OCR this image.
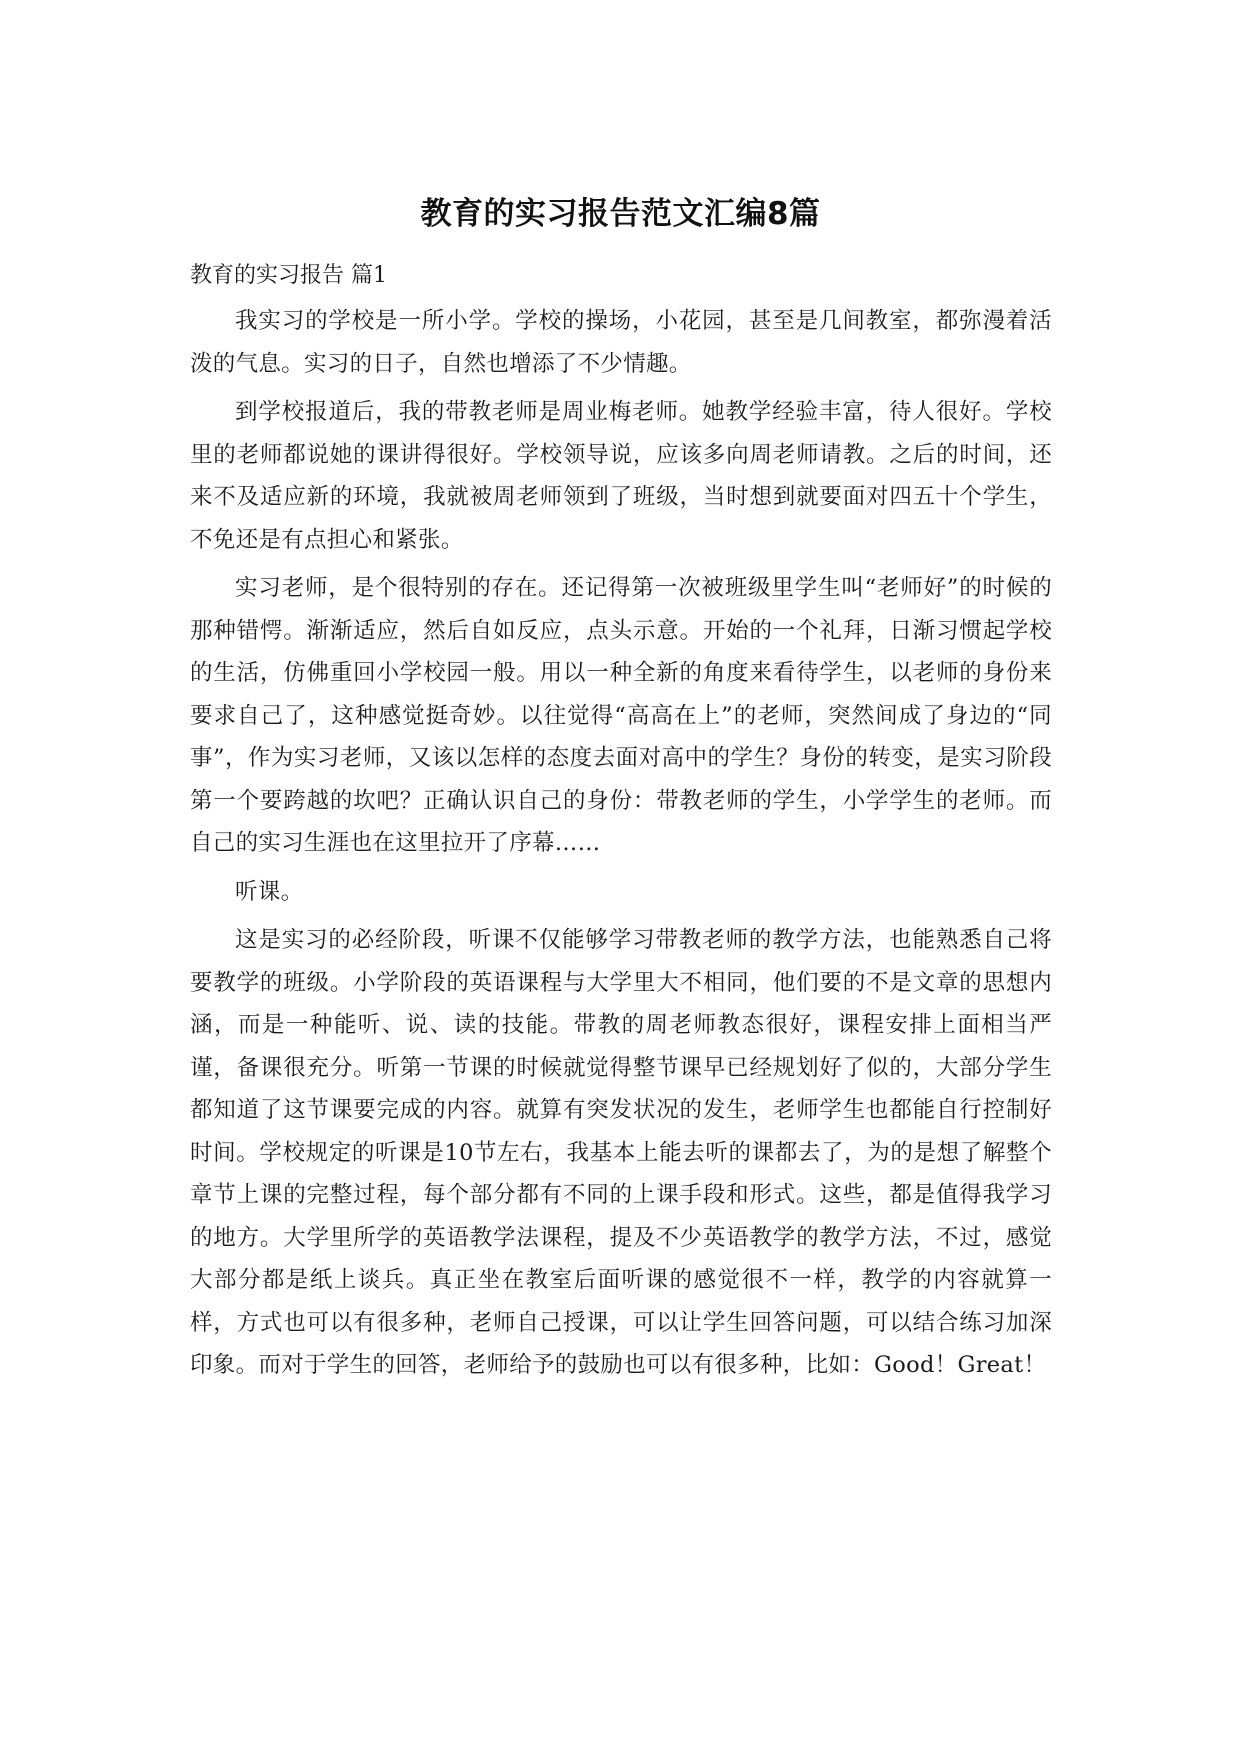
教育的实习报告范文汇编8篇

教育的实习报告 篇1

我实习的学校是一所小学。学校的操场，小花园，甚至是几间教室，都弥漫着活泼的气息。实习的日子，自然也增添了不少情趣。

到学校报道后，我的带教老师是周业梅老师。她教学经验丰富，待人很好。学校里的老师都说她的课讲得很好。学校领导说，应该多向周老师请教。之后的时间，还来不及适应新的环境，我就被周老师领到了班级，当时想到就要面对四五十个学生，不免还是有点担心和紧张。

实习老师，是个很特别的存在。还记得第一次被班级里学生叫“老师好”的时候的那种错愕。渐渐适应，然后自如反应，点头示意。开始的一个礼拜，日渐习惯起学校的生活，仿佛重回小学校园一般。用以一种全新的角度来看待学生，以老师的身份来要求自己了，这种感觉挺奇妙。以往觉得“高高在上”的老师，突然间成了身边的“同事”，作为实习老师，又该以怎样的态度去面对高中的学生？身份的转变，是实习阶段第一个要跨越的坎吧？正确认识自己的身份：带教老师的学生，小学学生的老师。而自己的实习生涯也在这里拉开了序幕……

听课。

这是实习的必经阶段，听课不仅能够学习带教老师的教学方法，也能熟悉自己将要教学的班级。小学阶段的英语课程与大学里大不相同，他们要的不是文章的思想内涵，而是一种能听、说、读的技能。带教的周老师教态很好，课程安排上面相当严谨，备课很充分。听第一节课的时候就觉得整节课早已经规划好了似的，大部分学生都知道了这节课要完成的内容。就算有突发状况的发生，老师学生也都能自行控制好时间。学校规定的听课是10节左右，我基本上能去听的课都去了，为的是想了解整个章节上课的完整过程，每个部分都有不同的上课手段和形式。这些，都是值得我学习的地方。大学里所学的英语教学法课程，提及不少英语教学的教学方法，不过，感觉大部分都是纸上谈兵。真正坐在教室后面听课的感觉很不一样，教学的内容就算一样，方式也可以有很多种，老师自己授课，可以让学生回答问题，可以结合练习加深印象。而对于学生的回答，老师给予的鼓励也可以有很多种，比如：Good！Great！
